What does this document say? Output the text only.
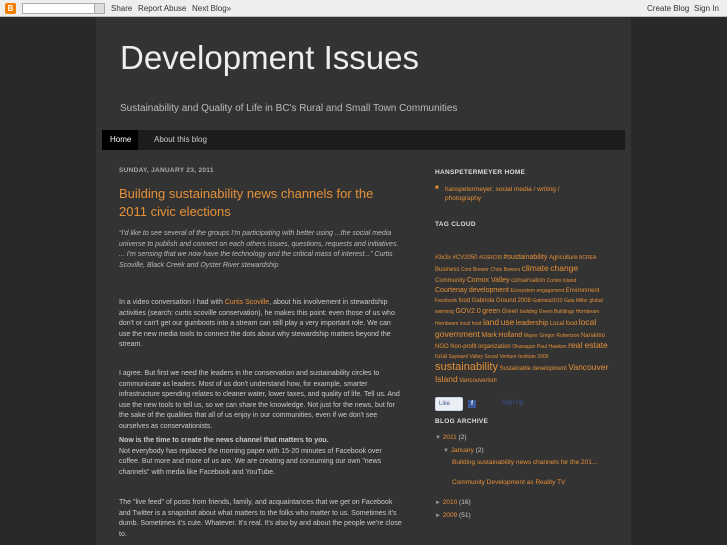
B	Share Report Abuse Next Blog»	Create Blog Sign In
Development Issues
Sustainability and Quality of Life in BC's Rural and Small Town Communities
Home	About this blog
SUNDAY, JANUARY 23, 2011
Building sustainability news channels for the 2011 civic elections
“I'd like to see several of the groups I'm participating with better using ...the social media universe to publish and connect on each others issues, questions, requests and initiatives. ... I'm sensing that we now have the technology and the critical mass of interest...” Curtis Scoville, Black Creek and Oyster River stewardship
In a video conversation I had with Curtis Scoville, about his involvement in stewardship activities (search: curtis scoville conservation), he makes this point: even those of us who don't or can't get our gumboots into a stream can still play a very important role. We can use the new media tools to connect the dots about why stewardship matters beyond the stream.
I agree. But first we need the leaders in the conservation and sustainability circles to communicate as leaders. Most of us don't understand how, for example, smarter infrastructure spending relates to cleaner water, lower taxes, and quality of life. Tell us. And use the new tools to tell us, so we can share the knowledge. Not just for the news, but for the sake of the qualities that all of us enjoy in our communities, even if we don't see ourselves as conservationists.
Now is the time to create the news channel that matters to you.
Not everybody has replaced the morning paper with 15-20 minutes of Facebook over coffee. But more and more of us are. We are creating and consuming our own "news channels" with media like Facebook and YouTube.
The "live feed" of posts from friends, family, and acquaintances that we get on Facebook and Twitter is a snapshot about what matters to the folks who matter to us. Sometimes it's dumb. Sometimes it's cute. Whatever. It's real. It's also by and about the people we're close to.
HANSPETERMEYER HOME
■ hanspetermeyer: social media / writing / photography
TAG CLOUD
#3x3x #CV2050 #GSRC09 #sustainability Agriculture BCREA Business Cont Brewer Chris Bowers climate change Community Comox Valley conservation Cortes Island Courtenay development Ecosystem engagement Environment Facebook food Gabriola Ground 2008 Gabriola2010 Gaia Miller global warming GOV2.0 green Green building Green Buildings Hornbeam Hornbeam local food land use leadership Local food local government Mark Holland Mayor Gregor Robertson Nanaimo NGO Non-profit organization Okanagan Paul Hawken real estate rural Sayward Valley Social Venture Institute 2009 sustainability Sustainable development Vancouver Island Vancouverism
Like	f	Sign Up
BLOG ARCHIVE
▼ 2011 (2)
▼ January (2)
Building sustainability news channels for the 201...
Community Development as Reality TV
► 2010 (16)
► 2009 (51)
